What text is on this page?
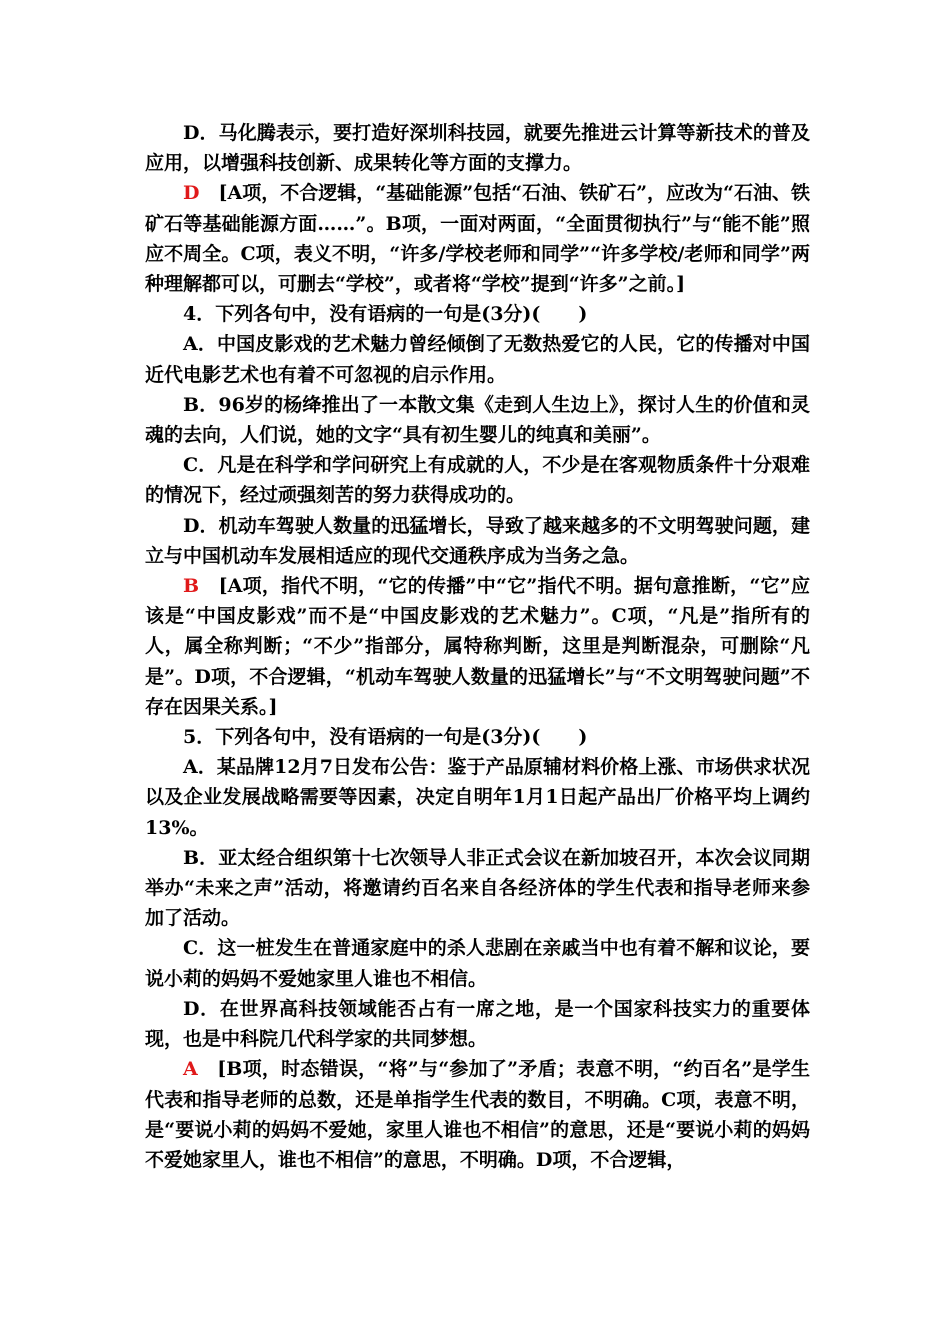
D．马化腾表示，要打造好深圳科技园，就要先推进云计算等新技术的普及应用，以增强科技创新、成果转化等方面的支撑力。

D　 [A项，不合逻辑，“基础能源”包括“石油、铁矿石”，应改为“石油、铁矿石等基础能源方面……”。B项，一面对两面，“全面贯彻执行”与“能不能”照应不周全。C项，表义不明，“许多/学校老师和同学”“许多学校/老师和同学”两种理解都可以，可删去“学校”，或者将“学校”提到“许多”之前。]

4．下列各句中，没有语病的一句是(3分)(　　)

A．中国皮影戏的艺术魅力曾经倾倒了无数热爱它的人民，它的传播对中国近代电影艺术也有着不可忽视的启示作用。

B．96岁的杨绛推出了一本散文集《走到人生边上》，探讨人生的价值和灵魂的去向，人们说，她的文字“具有初生婴儿的纯真和美丽”。

C．凡是在科学和学问研究上有成就的人，不少是在客观物质条件十分艰难的情况下，经过顽强刻苦的努力获得成功的。

D．机动车驾驶人数量的迅猛增长，导致了越来越多的不文明驾驶问题，建立与中国机动车发展相适应的现代交通秩序成为当务之急。

B　 [A项，指代不明，“它的传播”中“它”指代不明。据句意推断，“它”应该是“中国皮影戏”而不是“中国皮影戏的艺术魅力”。C项，“凡是”指所有的人，属全称判断；“不少”指部分，属特称判断，这里是判断混杂，可删除“凡是”。D项，不合逻辑，“机动车驾驶人数量的迅猛增长”与“不文明驾驶问题”不存在因果关系。]

5．下列各句中，没有语病的一句是(3分)(　　)

A．某品牌12月7日发布公告：鉴于产品原辅材料价格上涨、市场供求状况以及企业发展战略需要等因素，决定自明年1月1日起产品出厂价格平均上调约13%。

B．亚太经合组织第十七次领导人非正式会议在新加坡召开，本次会议同期举办“未来之声”活动，将邀请约百名来自各经济体的学生代表和指导老师来参加了活动。

C．这一桩发生在普通家庭中的杀人悲剧在亲戚当中也有着不解和议论，要说小莉的妈妈不爱她家里人谁也不相信。

D．在世界高科技领域能否占有一席之地，是一个国家科技实力的重要体现，也是中科院几代科学家的共同梦想。

A　 [B项，时态错误，“将”与“参加了”矛盾；表意不明，“约百名”是学生代表和指导老师的总数，还是单指学生代表的数目，不明确。C项，表意不明，是“要说小莉的妈妈不爱她，家里人谁也不相信”的意思，还是“要说小莉的妈妈不爱她家里人，谁也不相信”的意思，不明确。D项，不合逻辑，
